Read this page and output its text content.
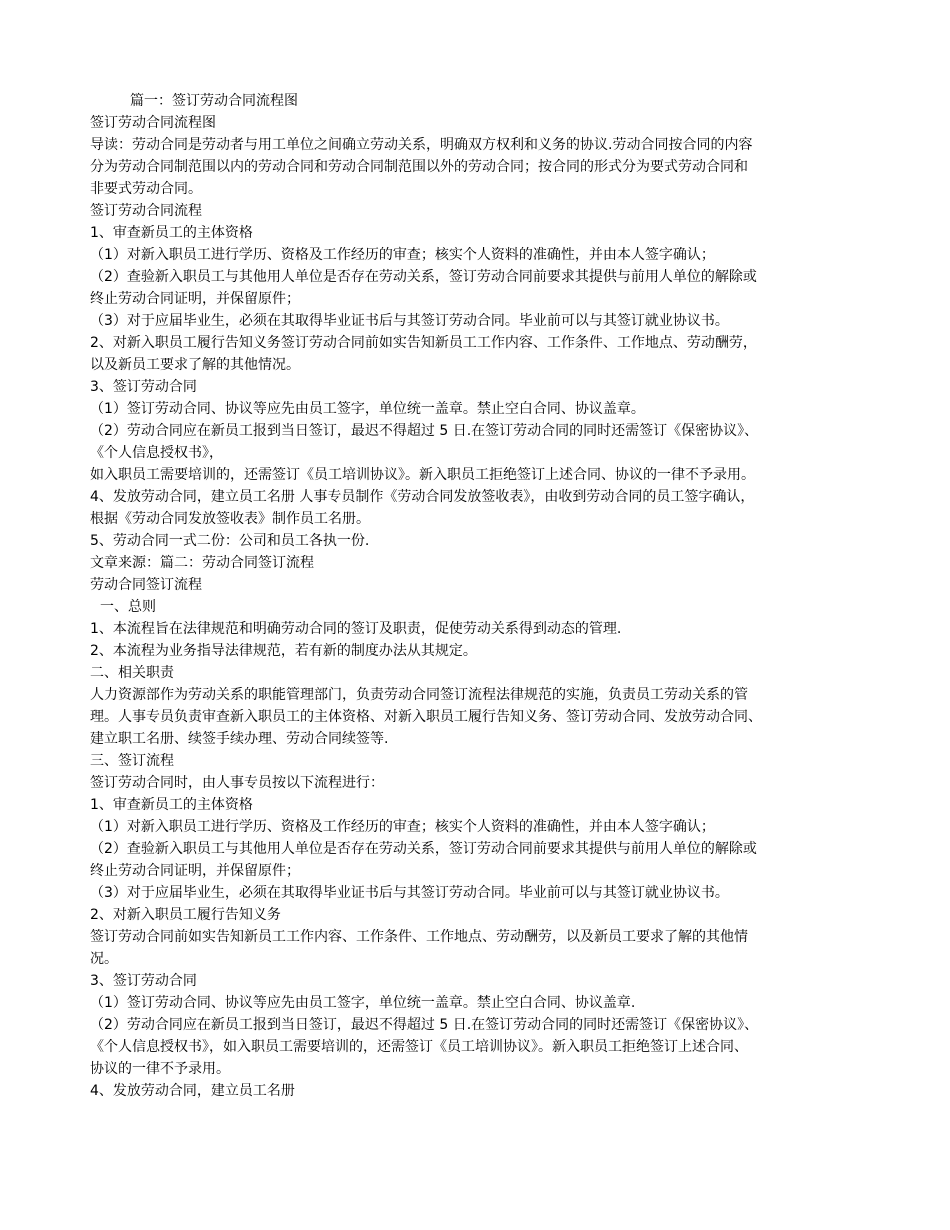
篇一：签订劳动合同流程图
签订劳动合同流程图
导读：劳动合同是劳动者与用工单位之间确立劳动关系，明确双方权利和义务的协议.劳动合同按合同的内容
分为劳动合同制范围以内的劳动合同和劳动合同制范围以外的劳动合同；按合同的形式分为要式劳动合同和
非要式劳动合同。
签订劳动合同流程
1、审查新员工的主体资格
（1）对新入职员工进行学历、资格及工作经历的审查；核实个人资料的准确性，并由本人签字确认；
（2）查验新入职员工与其他用人单位是否存在劳动关系，签订劳动合同前要求其提供与前用人单位的解除或
终止劳动合同证明，并保留原件；
（3）对于应届毕业生，必须在其取得毕业证书后与其签订劳动合同。毕业前可以与其签订就业协议书。
2、对新入职员工履行告知义务签订劳动合同前如实告知新员工工作内容、工作条件、工作地点、劳动酬劳，
以及新员工要求了解的其他情况。
3、签订劳动合同
（1）签订劳动合同、协议等应先由员工签字，单位统一盖章。禁止空白合同、协议盖章。
（2）劳动合同应在新员工报到当日签订，最迟不得超过 5 日.在签订劳动合同的同时还需签订《保密协议》、
《个人信息授权书》，
如入职员工需要培训的，还需签订《员工培训协议》。新入职员工拒绝签订上述合同、协议的一律不予录用。
4、发放劳动合同，建立员工名册 人事专员制作《劳动合同发放签收表》，由收到劳动合同的员工签字确认，
根据《劳动合同发放签收表》制作员工名册。
5、劳动合同一式二份：公司和员工各执一份.
文章来源：篇二：劳动合同签订流程
劳动合同签订流程
一、总则
1、本流程旨在法律规范和明确劳动合同的签订及职责，促使劳动关系得到动态的管理.
2、本流程为业务指导法律规范，若有新的制度办法从其规定。
二、相关职责
人力资源部作为劳动关系的职能管理部门，负责劳动合同签订流程法律规范的实施，负责员工劳动关系的管
理。人事专员负责审查新入职员工的主体资格、对新入职员工履行告知义务、签订劳动合同、发放劳动合同、
建立职工名册、续签手续办理、劳动合同续签等.
三、签订流程
签订劳动合同时，由人事专员按以下流程进行：
1、审查新员工的主体资格
（1）对新入职员工进行学历、资格及工作经历的审查；核实个人资料的准确性，并由本人签字确认；
（2）查验新入职员工与其他用人单位是否存在劳动关系，签订劳动合同前要求其提供与前用人单位的解除或
终止劳动合同证明，并保留原件；
（3）对于应届毕业生，必须在其取得毕业证书后与其签订劳动合同。毕业前可以与其签订就业协议书。
2、对新入职员工履行告知义务
签订劳动合同前如实告知新员工工作内容、工作条件、工作地点、劳动酬劳，以及新员工要求了解的其他情
况。
3、签订劳动合同
（1）签订劳动合同、协议等应先由员工签字，单位统一盖章。禁止空白合同、协议盖章.
（2）劳动合同应在新员工报到当日签订，最迟不得超过 5 日.在签订劳动合同的同时还需签订《保密协议》、
《个人信息授权书》，如入职员工需要培训的，还需签订《员工培训协议》。新入职员工拒绝签订上述合同、
协议的一律不予录用。
4、发放劳动合同，建立员工名册
